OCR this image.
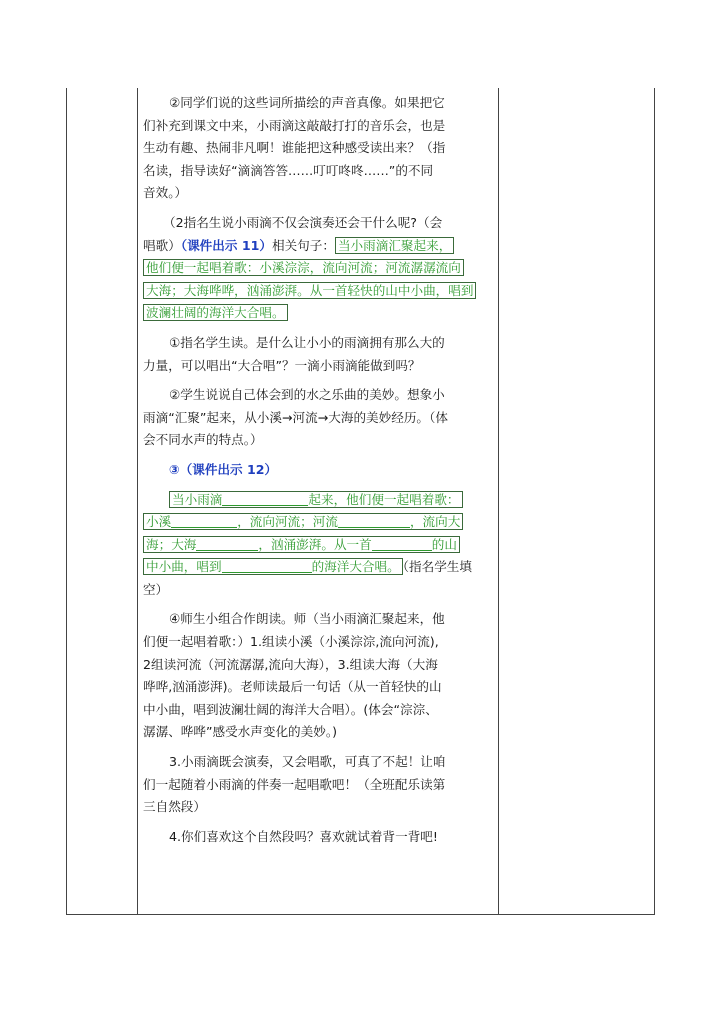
②同学们说的这些词所描绘的声音真像。如果把它
们补充到课文中来，小雨滴这敲敲打打的音乐会，也是
生动有趣、热闹非凡啊！谁能把这种感受读出来？（指
名读，指导读好“滴滴答答……叮叮咚咚……”的不同
音效。）
（2指名生说小雨滴不仅会演奏还会干什么呢?（会
唱歌）（课件出示 11）相关句子： 当小雨滴汇聚起来，
他们便一起唱着歌：小溪淙淙，流向河流；河流潺潺流向
大海；大海哗哗，汹涌澎湃。从一首轻快的山中小曲，唱到
波澜壮阔的海洋大合唱。
①指名学生读。是什么让小小的雨滴拥有那么大的
力量，可以唱出“大合唱”？一滴小雨滴能做到吗？
②学生说说自己体会到的水之乐曲的美妙。想象小
雨滴“汇聚”起来，从小溪→河流→大海的美妙经历。（体
会不同水声的特点。）
③（课件出示 12）
当小雨滴	起来，他们便一起唱着歌：
小溪	，流向河流；河流	，流向大
海；大海	，汹涌澎湃。从一首	的山
中小曲，唱到	的海洋大合唱。 （指名学生填
空）
④师生小组合作朗读。师（当小雨滴汇聚起来，他
们便一起唱着歌：）1.组读小溪（小溪淙淙,流向河流),
2组读河流（河流潺潺,流向大海），3.组读大海（大海
哗哗,汹涌澎湃)。老师读最后一句话（从一首轻快的山
中小曲，唱到波澜壮阔的海洋大合唱）。(体会“淙淙、
潺潺、哗哗”感受水声变化的美妙。)
3.小雨滴既会演奏，又会唱歌，可真了不起！让咱
们一起随着小雨滴的伴奏一起唱歌吧！（全班配乐读第
三自然段）
4.你们喜欢这个自然段吗？喜欢就试着背一背吧!
